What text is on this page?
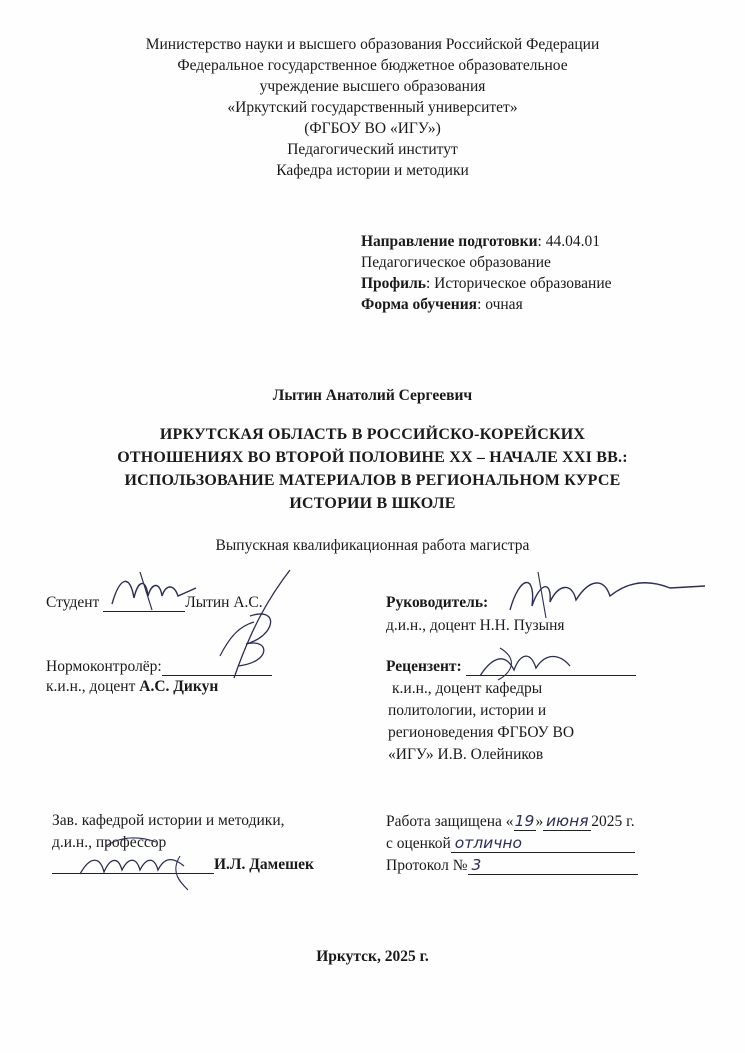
Министерство науки и высшего образования Российской Федерации
Федеральное государственное бюджетное образовательное
учреждение высшего образования
«Иркутский государственный университет»
(ФГБОУ ВО «ИГУ»)
Педагогический институт
Кафедра истории и методики
Направление подготовки: 44.04.01
Педагогическое образование
Профиль: Историческое образование
Форма обучения: очная
Лытин Анатолий Сергеевич
ИРКУТСКАЯ ОБЛАСТЬ В РОССИЙСКО-КОРЕЙСКИХ
ОТНОШЕНИЯХ ВО ВТОРОЙ ПОЛОВИНЕ XX – НАЧАЛЕ XXI ВВ.:
ИСПОЛЬЗОВАНИЕ МАТЕРИАЛОВ В РЕГИОНАЛЬНОМ КУРСЕ
ИСТОРИИ В ШКОЛЕ
Выпускная квалификационная работа магистра
Студент	Лытин А.С.	Руководитель:
д.и.н., доцент Н.Н. Пузыня
Нормоконтролёр:
к.и.н., доцент А.С. Дикун
Рецензент:
к.и.н., доцент кафедры
политологии, истории и
регионоведения ФГБОУ ВО
«ИГУ» И.В. Олейников
Зав. кафедрой истории и методики,
д.и.н., профессор
И.Л. Дамешек
Работа защищена «19» июня 2025 г.
с оценкой отлично
Протокол № 3
Иркутск, 2025 г.
